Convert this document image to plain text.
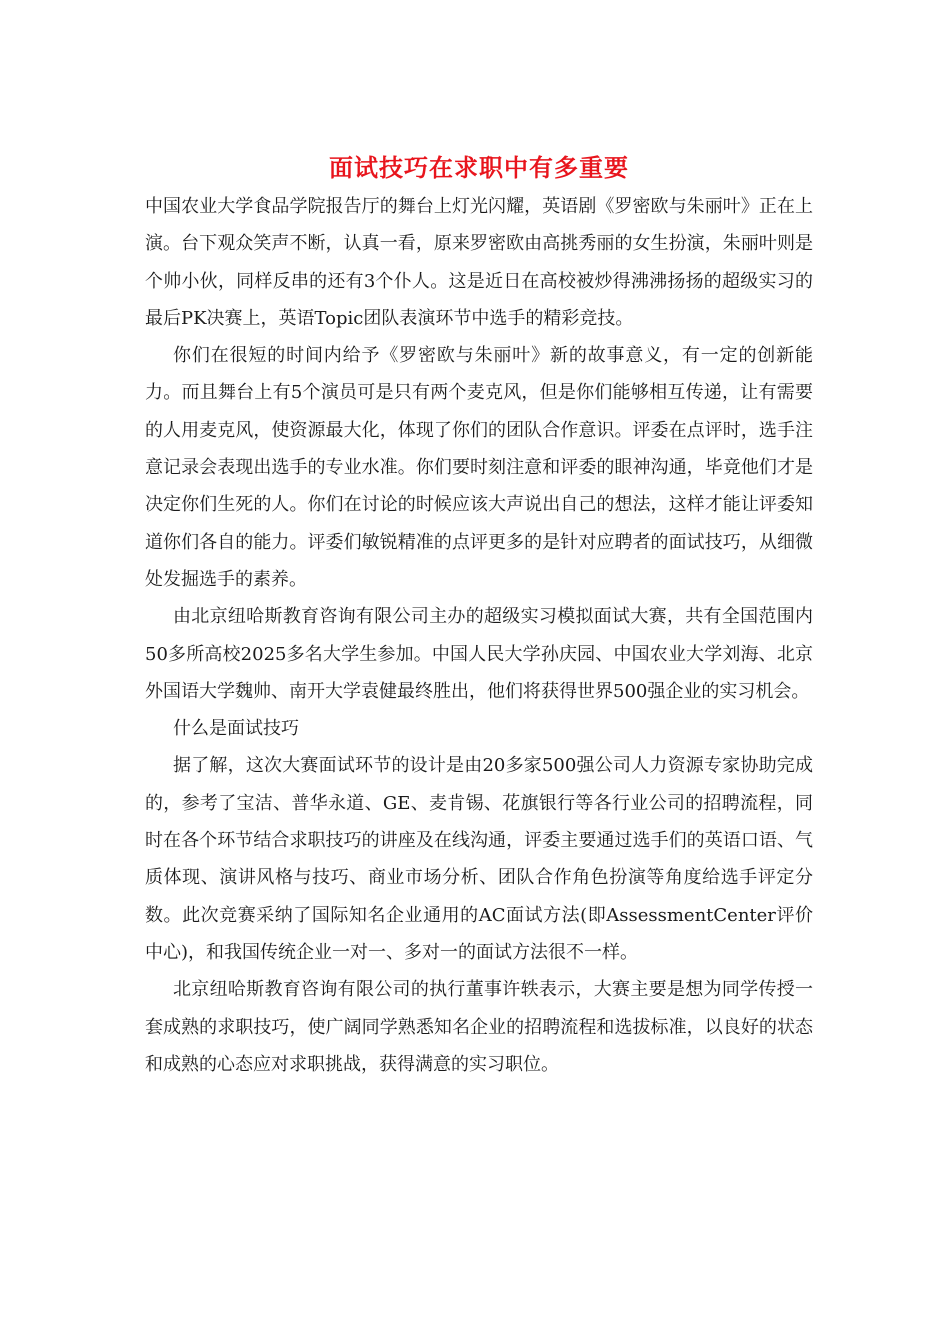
面试技巧在求职中有多重要

中国农业大学食品学院报告厅的舞台上灯光闪耀，英语剧《罗密欧与朱丽叶》正在上演。台下观众笑声不断，认真一看，原来罗密欧由高挑秀丽的女生扮演，朱丽叶则是个帅小伙，同样反串的还有3个仆人。这是近日在高校被炒得沸沸扬扬的超级实习的最后PK决赛上，英语Topic团队表演环节中选手的精彩竞技。

你们在很短的时间内给予《罗密欧与朱丽叶》新的故事意义，有一定的创新能力。而且舞台上有5个演员可是只有两个麦克风，但是你们能够相互传递，让有需要的人用麦克风，使资源最大化，体现了你们的团队合作意识。评委在点评时，选手注意记录会表现出选手的专业水准。你们要时刻注意和评委的眼神沟通，毕竟他们才是决定你们生死的人。你们在讨论的时候应该大声说出自己的想法，这样才能让评委知道你们各自的能力。评委们敏锐精准的点评更多的是针对应聘者的面试技巧，从细微处发掘选手的素养。

由北京纽哈斯教育咨询有限公司主办的超级实习模拟面试大赛，共有全国范围内50多所高校2025多名大学生参加。中国人民大学孙庆园、中国农业大学刘海、北京外国语大学魏帅、南开大学袁健最终胜出，他们将获得世界500强企业的实习机会。

什么是面试技巧

据了解，这次大赛面试环节的设计是由20多家500强公司人力资源专家协助完成的，参考了宝洁、普华永道、GE、麦肯锡、花旗银行等各行业公司的招聘流程，同时在各个环节结合求职技巧的讲座及在线沟通，评委主要通过选手们的英语口语、气质体现、演讲风格与技巧、商业市场分析、团队合作角色扮演等角度给选手评定分数。此次竞赛采纳了国际知名企业通用的AC面试方法(即AssessmentCenter评价中心)，和我国传统企业一对一、多对一的面试方法很不一样。

北京纽哈斯教育咨询有限公司的执行董事许轶表示，大赛主要是想为同学传授一套成熟的求职技巧，使广阔同学熟悉知名企业的招聘流程和选拔标准，以良好的状态和成熟的心态应对求职挑战，获得满意的实习职位。
